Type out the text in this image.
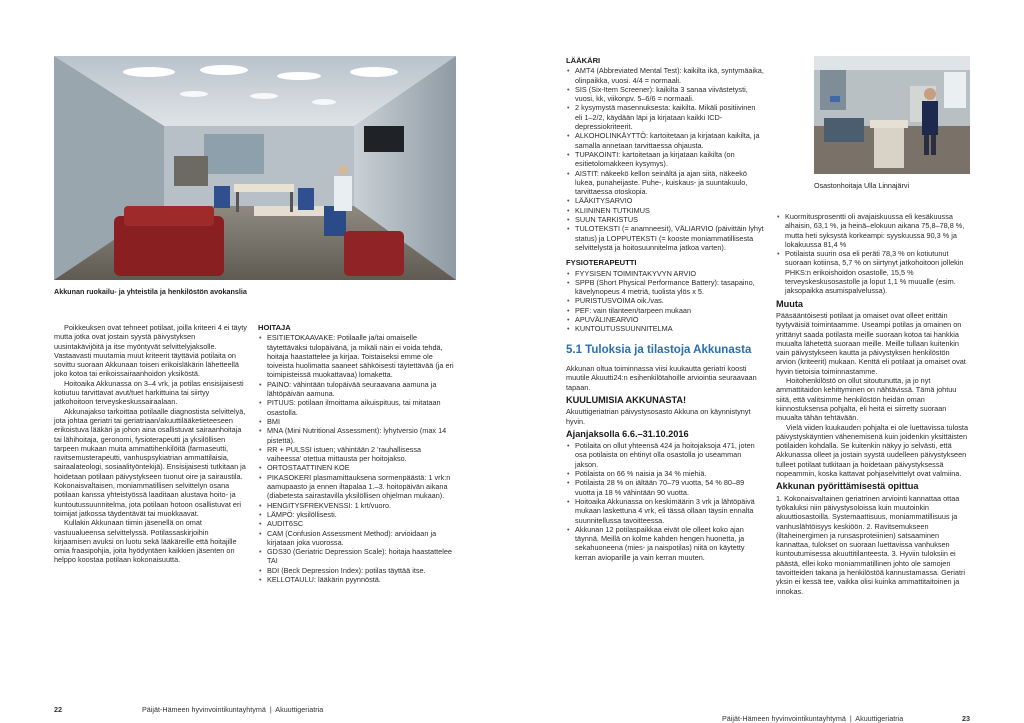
Akkunan ruokailu- ja yhteistila ja henkilöstön avokanslia

Poikkeuksen ovat tehneet potilaat, joilla kriteeri 4 ei täyty mutta jotka ovat jostain syystä päivystyksen uusintakävijöitä ja itse myöntyvät selvittelyjaksolle. Vastaavasti muutamia muut kriteerit täyttäviä potilaita on sovittu suoraan Akkunaan toisen erikoisläkärin lähetteellä joko kotoa tai erikoissairaanhoidon yksiköstä.

Hoitoaika Akkunassa on 3–4 vrk, ja potilas ensisijaisesti kotiutuu tarvittavat avut/tuet harkittuina tai siirtyy jatkohoitoon terveyskeskussairaalaan.

Akkunajakso tarkoittaa potilaalle diagnostista selvittelyä, jota johtaa geriatri tai geriatriaan/akuuttilääketieteeseen erikoistuva lääkäri ja johon aina osallistuvat sairaanhoitaja tai lähihoitaja, geronomi, fysioterapeutti ja yksilöllisen tarpeen mukaan muita ammattihenkilöitä (farmaseutti, ravitsemusterapeutti, vanhuspsykiatrian ammattilaisia, sairaalateologi, sosiaalityöntekijä). Ensisijaisesti tutkitaan ja hoidetaan potilaan päivystykseen tuonut oire ja sairaustila. Kokonaisvaltaisen, moniammatillisen selvittelyn osana potilaan kanssa yhteistyössä laaditaan alustava hoito- ja kuntoutussuunnitelma, jota potilaan hotoon osallistuvat eri toimijat jatkossa täydentävät tai muokkaavat.

Kullakin Akkunaan tiimin jäsenellä on omat vastuualueensa selvittelyssä. Potilassaskirjoihin kirjaamisen avuksi on luotu sekä lääkäreille että hoitajille omia fraasipohjia, joita hyödyntäen kaikkien jäsenten on helppo koostaa potilaan kokonaisuutta.

HOITAJA
• ESITIETOKAAVAKE: Potilaalle ja/tai omaiselle täytettäväksi tulopäivänä, ja mikäli näin ei voida tehdä, hoitaja haastattelee ja kirjaa. Toistaiseksi emme ole toiveista huolimatta saaneet sähköisesti täytettävää (ja eri toimipisteissä muokattavaa) lomaketta.
• PAINO: vähintään tulopäivää seuraavana aamuna ja lähtöpäivän aamuna.
• PITUUS: potilaan ilmoittama aikuispituus, tai mitataan osastolla.
• BMI
• MNA (Mini Nutritional Assessment): lyhytversio (max 14 pistettä).
• RR + PULSSI istuen; vähintään 2 'rauhallisessa vaiheessa' otettua mittausta per hoitojakso.
• ORTOSTAATTINEN KOE
• PIKASOKERI plasmamittauksena sormenpäästä: 1 vrk:n aamupaasto ja ennen iltapalaa 1.–3. hoitopäivän aikana (diabetesta sairastavilla yksilöllisen ohjelman mukaan).
• HENGITYSFREKVENSSI: 1 krt/vuoro.
• LÄMPÖ: yksilöllisesti.
• AUDIT6SC
• CAM (Confusion Assessment Method): arvioidaan ja kirjataan joka vuorossa.
• GDS30 (Geriatric Depression Scale): hoitaja haastattelee TAI
• BDI (Beck Depression Index): potilas täyttää itse.
• KELLOTAULU: lääkärin pyynnöstä.
22	Päijät-Hämeen hyvinvointikuntayhtymä  |  Akuuttigeriatria
LÄÄKÄRI
• AMT4 (Abbreviated Mental Test): kaikilta ikä, syntymäaika, olinpaikka, vuosi. 4/4 = normaali.
• SIS (Six-Item Screener): kaikilta 3 sanaa viivästetysti, vuosi, kk, viikonpv. 5–6/6 = normaali.
• 2 kysymystä masennuksesta: kaikilta. Mikäli positiivinen eli 1–2/2, käydään läpi ja kirjataan kaikki ICD-depressiokriteerit.
• ALKOHOLINKÄYTTÖ: kartoitetaan ja kirjataan kaikilta, ja samalla annetaan tarvittaessa ohjausta.
• TUPAKOINTI: kartoitetaan ja kirjataan kaikilta (on esitietolomakkeen kysymys).
• AISTIT: näkeekö kellon seinältä ja ajan siitä, näkeekö lukea, punaheijaste. Puhe-, kuiskaus- ja suuntakuulo, tarvittaessa otoskopia.
• LÄÄKITYSARVIO
• KLIININEN TUTKIMUS
• SUUN TARKISTUS
• TULOTEKSTI (= anamneesit), VÄLIARVIO (päivittäin lyhyt status) ja LOPPUTEKSTI (= kooste moniammatillisesta selvittelystä ja hoitosuunnitelma jatkoa varten).
FYSIOTERAPEUTTI
• FYYSISEN TOIMINTAKYVYN ARVIO
• SPPB (Short Physical Performance Battery): tasapaino, kävelynopeus 4 metriä, tuolista ylös x 5.
• PURISTUSVOIMA oik./vas.
• PEF: vain tilanteen/tarpeen mukaan
• APUVÄLINEARVIO
• KUNTOUTUSSUUNNITELMA
5.1 Tuloksia ja tilastoja Akkunasta

Akkunan oltua toiminnassa viisi kuukautta geriatri koosti muutile Akuutti24:n esihenkilötahoille arviointia seuraavaan tapaan.

KUULUMISIA AKKUNASTA!

Akuuttigeriatrian päivystysosasto Akkuna on käynnistynyt hyvin.

Ajanjaksolla 6.6.–31.10.2016
• Potilaita on ollut yhteensä 424 ja hoitojaksoja 471, joten osa potilaista on ehtinyt olla osastolla jo useamman jakson.
• Potilaista on 66 % naisia ja 34 % miehiä.
• Potilaista 28 % on iältään 70–79 vuotta, 54 % 80–89 vuotta ja 18 % vähintään 90 vuotta.
• Hoitoaika Akkunassa on keskimäärin 3 vrk ja lähtöpäivä mukaan laskettuna 4 vrk, eli tässä ollaan täysin ennalta suunnitellussa tavoitteessa.
• Akkunan 12 potilaspaikkaa eivät ole olleet koko ajan täynnä. Meillä on kolme kahden hengen huonetta, ja sekahuoneena (mies- ja naispotilas) niitä on käytetty kerran avioparille ja vain kerran muuten.
Osastonhoitaja Ulla Linnajärvi
• Kuormitusprosentti oli avajaiskuussa eli kesäkuussa alhaisin, 63,1 %, ja heinä–elokuun aikana 75,8–78,8 %, mutta heti syksystä korkeampi: syyskuussa 90,3 % ja lokakuussa 81,4 %
• Potilaista suurin osa eli peräti 78,3 % on kotiutunut suoraan kotiinsa, 5,7 % on siirtynyt jatkohoitoon jollekin PHKS:n erikoishoidon osastolle, 15,5 % terveyskeskusosastolle ja loput 1,1 % muualle (esim. jaksopaikka asumispalvelussa).
Muuta

Pääsääntöisesti potilaat ja omaiset ovat olleet erittäin tyytyväisiä toimintaamme. Useampi potilas ja omainen on yrittänyt saada potilasta meille suoraan kotoa tai hankkia muualta lähetettä suoraan meille. Meille tullaan kuitenkin vain päivystykseen kautta ja päivystyksen henkilöstön arvion (kriteerit) mukaan. Kenttä eli potilaat ja omaiset ovat hyvin tietoisia toiminnastamme.

Hoitohenkilöstö on ollut sitoutunutta, ja jo nyt ammattitaidon kehittyminen on nähtävissä. Tämä johtuu siitä, että valitsimme henkilöstön heidän oman kiinnostuksensa pohjalta, eli heitä ei siirretty suoraan muualta tähän tehtävään.

Vielä viiden kuukauden pohjalta ei ole luettavissa tulosta päivystyskäyntien vähenemisenä kuin joidenkin yksittäisten potilaiden kohdalla. Se kuitenkin näkyy jo selvästi, että Akkunassa olleet ja jostain syystä uudelleen päivystykseen tulleet potilaat tutkitaan ja hoidetaan päivystyksessä nopeammin, koska kattavat pohjaselvittelyt ovat valmiina.

Akkunan pyörittämisestä opittua

1. Kokonaisvaltainen geriatrinen arviointi kannattaa ottaa työkaluksi niin päivystysoloissa kuin muutoinkin akuuttiosastoilla. Systemaattisuus, moniammatillisuus ja vanhuslähtöisyys keskiöön. 2. Ravitsemukseen (iltaheinergimen ja runsasproteiinien) satsaaminen kannattaa, tulokset on suoraan luettavissa vanhuksen kuntoutumisessa akuuttitilanteesta. 3. Hyviin tuloksiin ei päästä, ellei koko moniammatillinen johto ole samojen tavoitteiden takana ja henkilöstöä kannustamassa. Geriatri yksin ei kessä tee, vaikka olisi kuinka ammattitaitoinen ja innokas.

Päijät-Hämeen hyvinvointikuntayhtymä  |  Akuuttigeriatria	23
